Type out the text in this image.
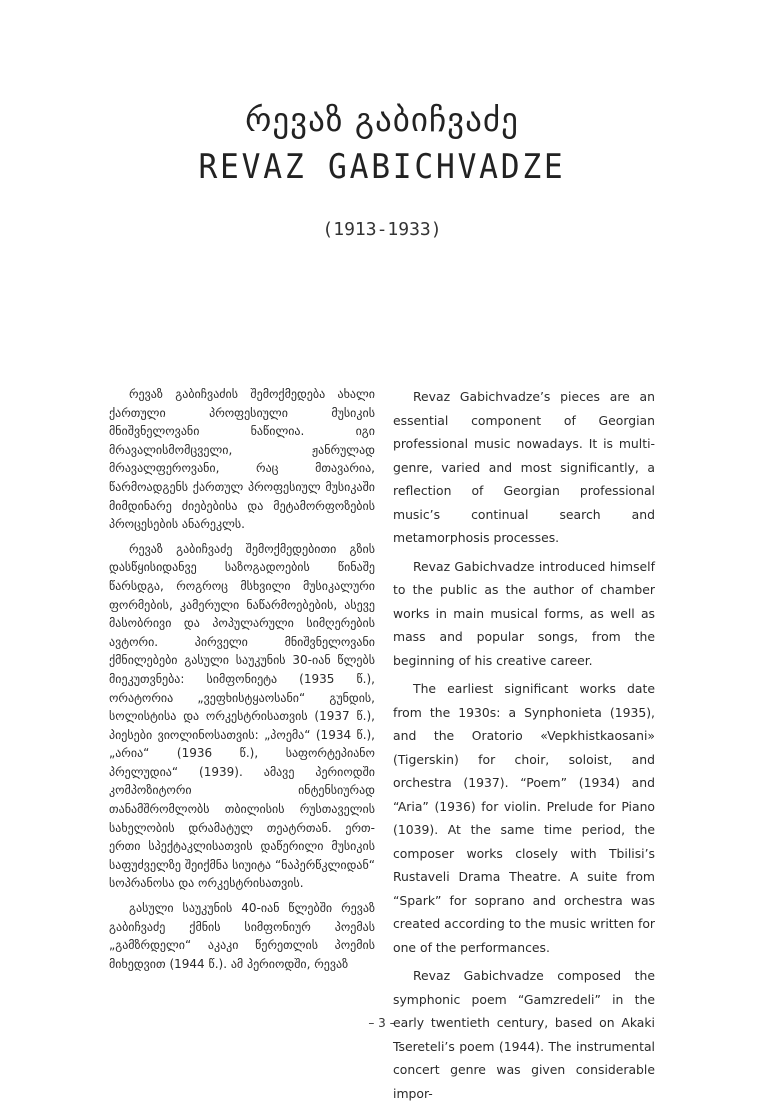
რევაზ გაბიჩვაძე
REVAZ GABICHVADZE
(1913-1933)

რევაზ გაბიჩვაძის შემოქმედება ახალი ქართული პროფესიული მუსიკის მნიშვნელოვანი ნაწილია. იგი მრავალისმომცველი, ჟანრულად მრავალფეროვანი, რაც მთავარია, წარმოადგენს ქართულ პროფესიულ მუსიკაში მიმდინარე ძიებებისა და მეტამორფოზების პროცესების ანარეკლს.

რევაზ გაბიჩვაძე შემოქმედებითი გზის დასწყისიდანვე საზოგადოების წინაშე წარსდგა, როგროც მსხვილი მუსიკალური ფორმების, კამერული ნაწარმოებების, ასევე მასობრივი და პოპულარული სიმღერების ავტორი. პირველი მნიშვნელოვანი ქმნილებები გასული საუკუნის 30-იან წლებს მიეკუთვნება: სიმფონიეტა (1935 წ.), ორატორია „ვეფხისტყაოსანი“ გუნდის, სოლისტისა და ორკესტრისათვის (1937 წ.), პიესები ვიოლინოსათვის: „პოემა“ (1934 წ.), „არია“ (1936 წ.), საფორტეპიანო პრელუდია“ (1939). ამავე პერიოდში კომპოზიტორი ინტენსიურად თანამშრომლობს თბილისის რუსთაველის სახელობის დრამატულ თეატრთან. ერთ-ერთი სპექტაკლისათვის დაწერილი მუსიკის საფუძველზე შეიქმნა სიუიტა “ნაპერწკლიდან“ სოპრანოსა და ორკესტრისათვის.

გასული საუკუნის 40-იან წლებში რევაზ გაბიჩვაძე ქმნის სიმფონიურ პოემას „გამზრდელი“ აკაკი წერეთლის პოემის მიხედვით (1944 წ.). ამ პერიოდში, რევაზ

Revaz Gabichvadze’s pieces are an essential component of Georgian professional music nowadays. It is multi-genre, varied and most significantly, a reflection of Georgian professional music’s continual search and metamorphosis processes.

Revaz Gabichvadze introduced himself to the public as the author of chamber works in main musical forms, as well as mass and popular songs, from the beginning of his creative career.

The earliest significant works date from the 1930s: a Synphonieta (1935), and the Oratorio «Vepkhistkaosani» (Tigerskin) for choir, soloist, and orchestra (1937). “Poem” (1934) and “Aria” (1936) for violin. Prelude for Piano (1039). At the same time period, the composer works closely with Tbilisi’s Rustaveli Drama Theatre. A suite from “Spark” for soprano and orchestra was created according to the music written for one of the performances.

Revaz Gabichvadze composed the symphonic poem “Gamzredeli” in the early twentieth century, based on Akaki Tsereteli’s poem (1944). The instrumental concert genre was given considerable impor-

– 3 –
